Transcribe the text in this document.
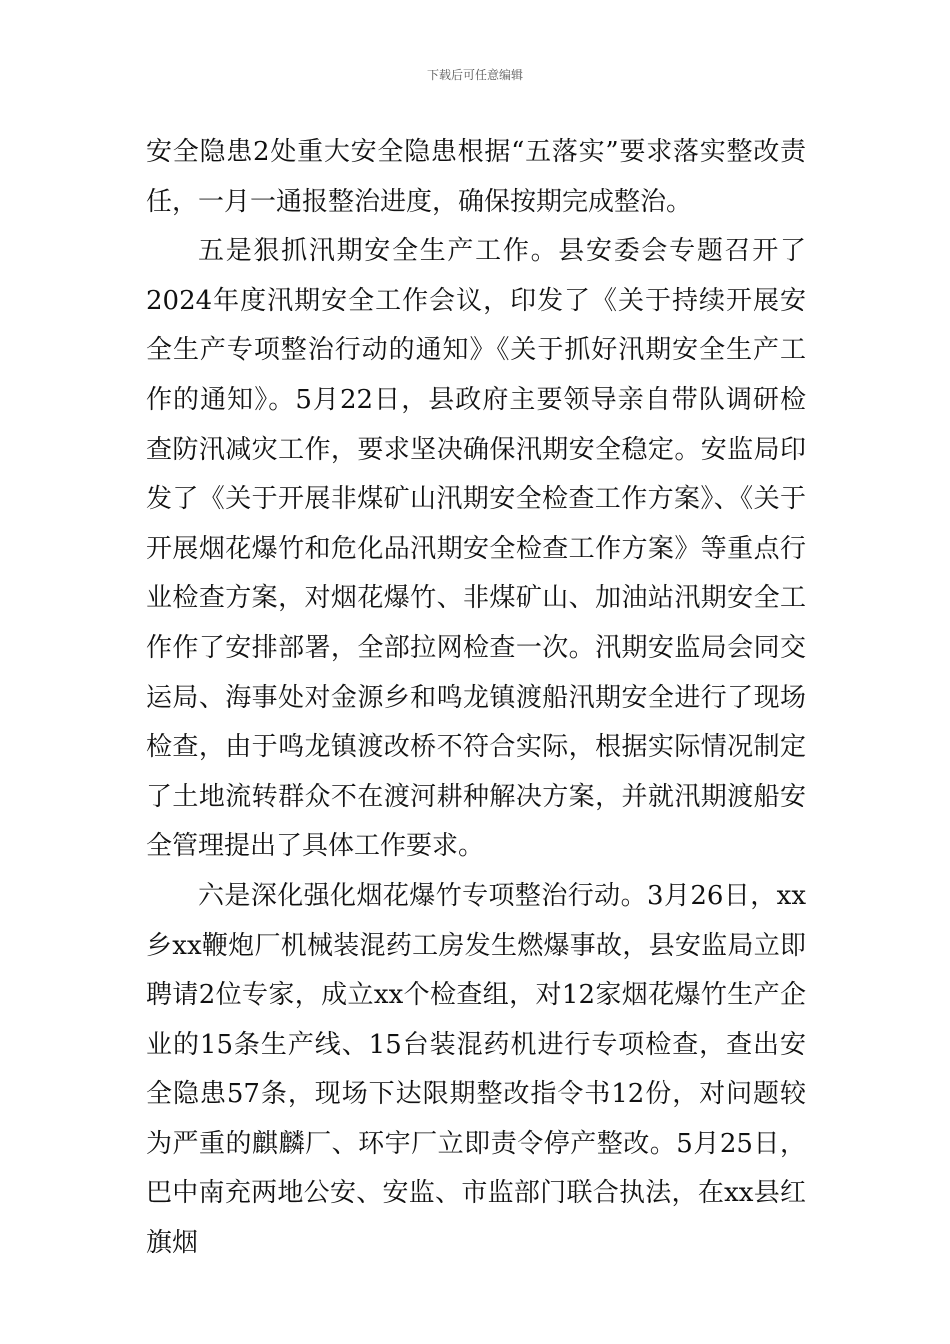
下载后可任意编辑

安全隐患2处重大安全隐患根据“五落实”要求落实整改责任，一月一通报整治进度，确保按期完成整治。

五是狠抓汛期安全生产工作。县安委会专题召开了2024年度汛期安全工作会议，印发了《关于持续开展安全生产专项整治行动的通知》《关于抓好汛期安全生产工作的通知》。5月22日，县政府主要领导亲自带队调研检查防汛减灾工作，要求坚决确保汛期安全稳定。安监局印发了《关于开展非煤矿山汛期安全检查工作方案》、《关于开展烟花爆竹和危化品汛期安全检查工作方案》等重点行业检查方案，对烟花爆竹、非煤矿山、加油站汛期安全工作作了安排部署，全部拉网检查一次。汛期安监局会同交运局、海事处对金源乡和鸣龙镇渡船汛期安全进行了现场检查，由于鸣龙镇渡改桥不符合实际，根据实际情况制定了土地流转群众不在渡河耕种解决方案，并就汛期渡船安全管理提出了具体工作要求。

六是深化强化烟花爆竹专项整治行动。3月26日，xx乡xx鞭炮厂机械装混药工房发生燃爆事故，县安监局立即聘请2位专家，成立xx个检查组，对12家烟花爆竹生产企业的15条生产线、15台装混药机进行专项检查，查出安全隐患57条，现场下达限期整改指令书12份，对问题较为严重的麒麟厂、环宇厂立即责令停产整改。5月25日，巴中南充两地公安、安监、市监部门联合执法，在xx县红旗烟
